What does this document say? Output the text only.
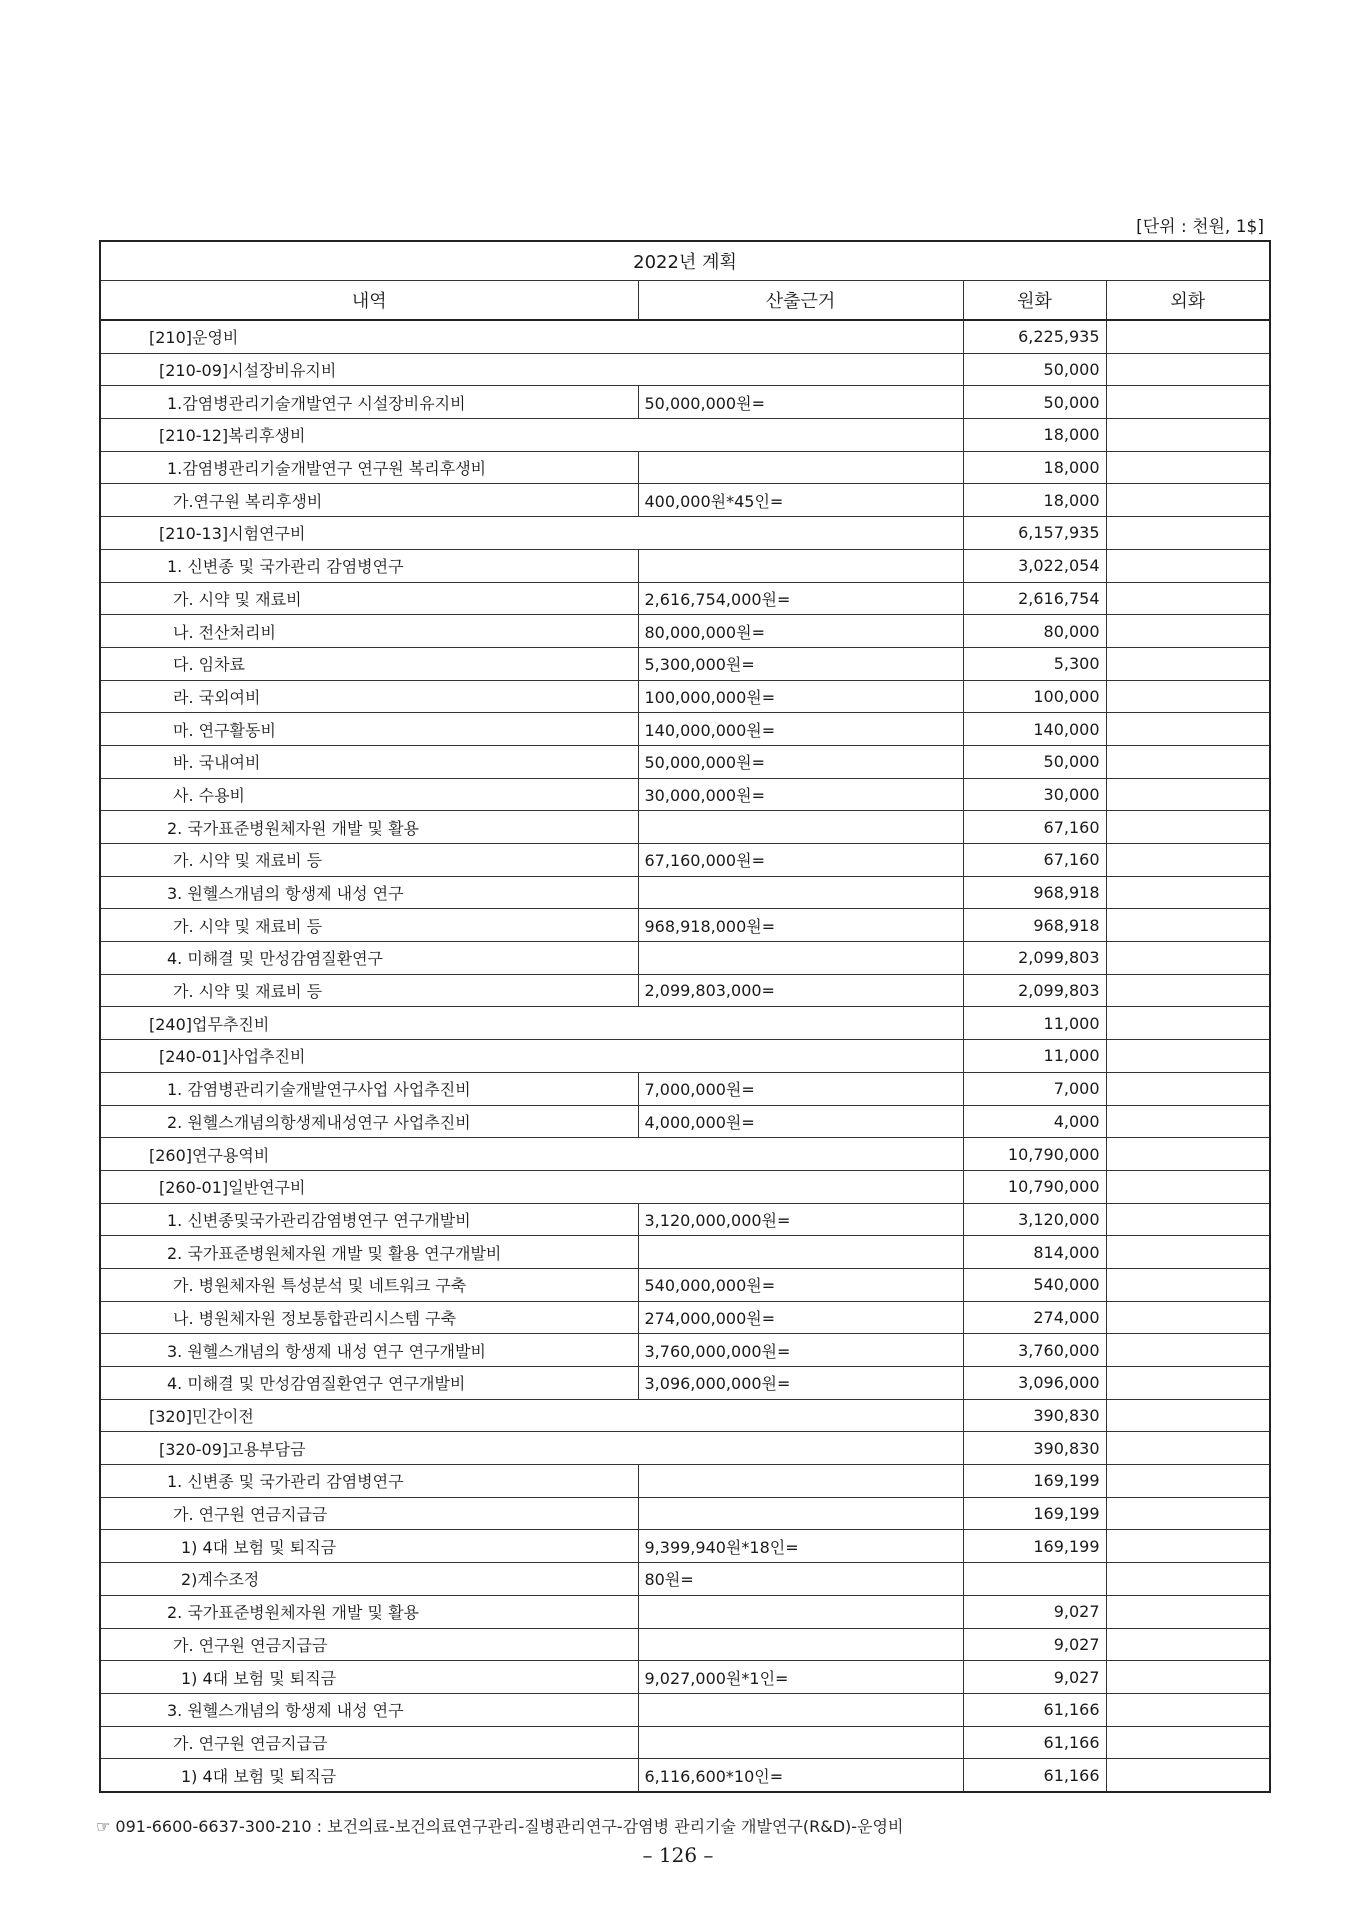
[단위 : 천원, 1$]
2022년 계획			
내역	산출근거	원화	외화
[210]운영비		6,225,935	
[210-09]시설장비유지비		50,000	
1.감염병관리기술개발연구 시설장비유지비	50,000,000원=	50,000	
[210-12]복리후생비		18,000	
1.감염병관리기술개발연구 연구원 복리후생비		18,000	
가.연구원 복리후생비	400,000원*45인=	18,000	
[210-13]시험연구비		6,157,935	
1. 신변종 및 국가관리 감염병연구		3,022,054	
가. 시약 및 재료비	2,616,754,000원=	2,616,754	
나. 전산처리비	80,000,000원=	80,000	
다. 임차료	5,300,000원=	5,300	
라. 국외여비	100,000,000원=	100,000	
마. 연구활동비	140,000,000원=	140,000	
바. 국내여비	50,000,000원=	50,000	
사. 수용비	30,000,000원=	30,000	
2. 국가표준병원체자원 개발 및 활용		67,160	
가. 시약 및 재료비 등	67,160,000원=	67,160	
3. 원헬스개념의 항생제 내성 연구		968,918	
가. 시약 및 재료비 등	968,918,000원=	968,918	
4. 미해결 및 만성감염질환연구		2,099,803	
가. 시약 및 재료비 등	2,099,803,000=	2,099,803	
[240]업무추진비		11,000	
[240-01]사업추진비		11,000	
1. 감염병관리기술개발연구사업 사업추진비	7,000,000원=	7,000	
2. 원헬스개념의항생제내성연구 사업추진비	4,000,000원=	4,000	
[260]연구용역비		10,790,000	
[260-01]일반연구비		10,790,000	
1. 신변종및국가관리감염병연구 연구개발비	3,120,000,000원=	3,120,000	
2. 국가표준병원체자원 개발 및 활용 연구개발비		814,000	
가. 병원체자원 특성분석 및 네트워크 구축	540,000,000원=	540,000	
나. 병원체자원 정보통합관리시스템 구축	274,000,000원=	274,000	
3. 원헬스개념의 항생제 내성 연구 연구개발비	3,760,000,000원=	3,760,000	
4. 미해결 및 만성감염질환연구 연구개발비	3,096,000,000원=	3,096,000	
[320]민간이전		390,830	
[320-09]고용부담금		390,830	
1. 신변종 및 국가관리 감염병연구		169,199	
가. 연구원 연금지급금		169,199	
1) 4대 보험 및 퇴직금	9,399,940원*18인=	169,199	
2)계수조정	80원=		
2. 국가표준병원체자원 개발 및 활용		9,027	
가. 연구원 연금지급금		9,027	
1) 4대 보험 및 퇴직금	9,027,000원*1인=	9,027	
3. 원헬스개념의 항생제 내성 연구		61,166	
가. 연구원 연금지급금		61,166	
1) 4대 보험 및 퇴직금	6,116,600*10인=	61,166	
☞ 091-6600-6637-300-210 : 보건의료-보건의료연구관리-질병관리연구-감염병 관리기술 개발연구(R&D)-운영비
– 126 –
